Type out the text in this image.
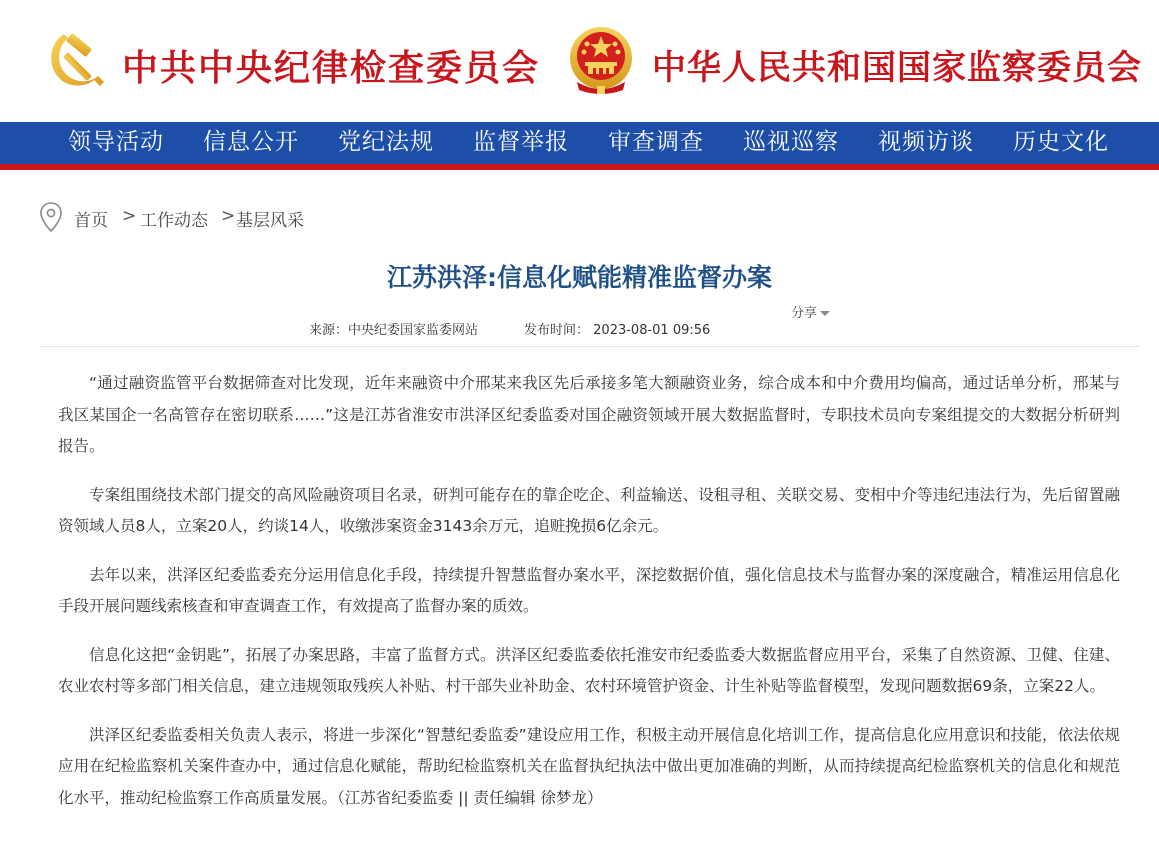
中共中央纪律检查委员会	中华人民共和国国家监察委员会
领导活动 信息公开 党纪法规 监督举报 审查调查 巡视巡察 视频访谈 历史文化
首页 > 工作动态 > 基层风采
江苏洪泽:信息化赋能精准监督办案
分享
来源：中央纪委国家监委网站	发布时间： 2023-08-01 09:56

“通过融资监管平台数据筛查对比发现，近年来融资中介邢某来我区先后承接多笔大额融资业务，综合成本和中介费用均偏高，通过话单分析，邢某与我区某国企一名高管存在密切联系……”这是江苏省淮安市洪泽区纪委监委对国企融资领域开展大数据监督时，专职技术员向专案组提交的大数据分析研判报告。

专案组围绕技术部门提交的高风险融资项目名录，研判可能存在的靠企吃企、利益输送、设租寻租、关联交易、变相中介等违纪违法行为，先后留置融资领域人员8人，立案20人，约谈14人，收缴涉案资金3143余万元，追赃挽损6亿余元。

去年以来，洪泽区纪委监委充分运用信息化手段，持续提升智慧监督办案水平，深挖数据价值，强化信息技术与监督办案的深度融合，精准运用信息化手段开展问题线索核查和审查调查工作，有效提高了监督办案的质效。

信息化这把“金钥匙”，拓展了办案思路，丰富了监督方式。洪泽区纪委监委依托淮安市纪委监委大数据监督应用平台，采集了自然资源、卫健、住建、农业农村等多部门相关信息，建立违规领取残疾人补贴、村干部失业补助金、农村环境管护资金、计生补贴等监督模型，发现问题数据69条，立案22人。

洪泽区纪委监委相关负责人表示，将进一步深化“智慧纪委监委”建设应用工作，积极主动开展信息化培训工作，提高信息化应用意识和技能，依法依规应用在纪检监察机关案件查办中，通过信息化赋能，帮助纪检监察机关在监督执纪执法中做出更加准确的判断，从而持续提高纪检监察机关的信息化和规范化水平，推动纪检监察工作高质量发展。（江苏省纪委监委 || 责任编辑 徐梦龙）
